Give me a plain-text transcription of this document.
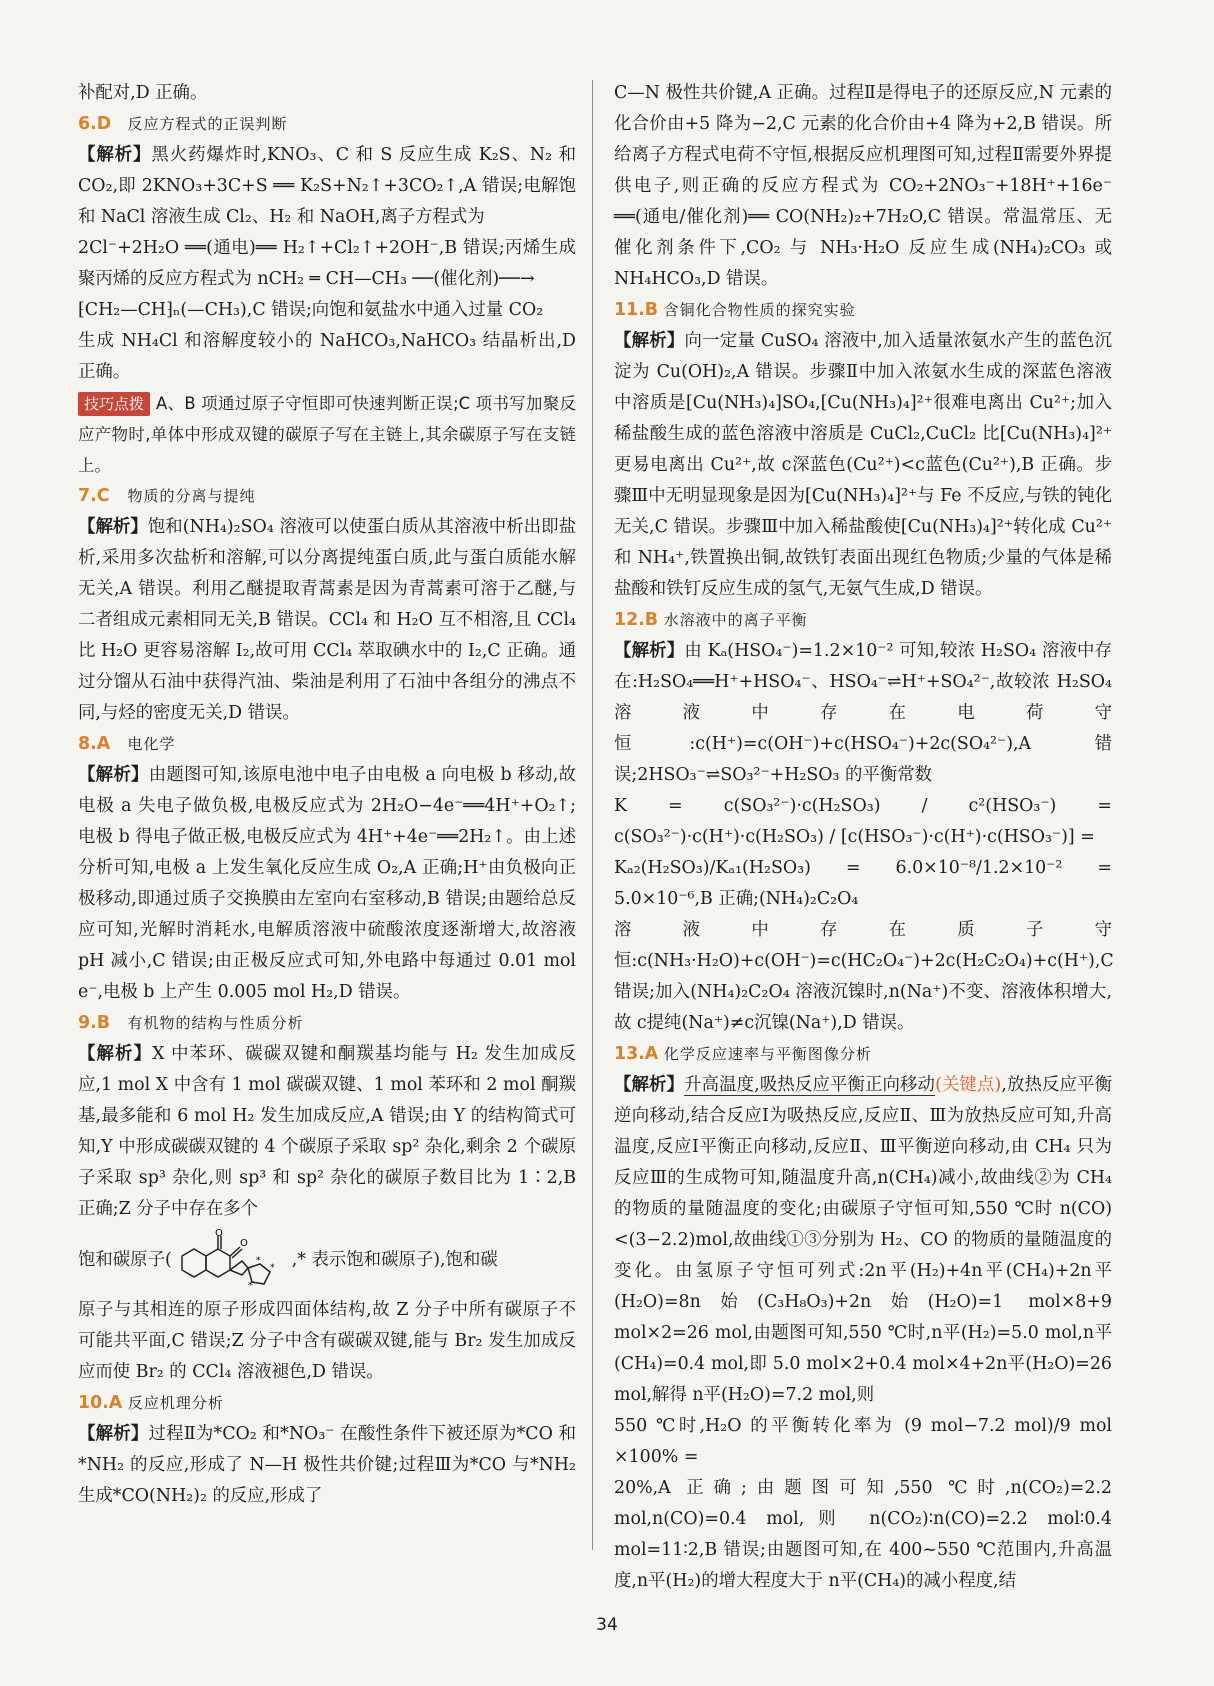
补配对,D 正确。

6.D 反应方程式的正误判断

【解析】黑火药爆炸时,KNO₃、C 和 S 反应生成 K₂S、N₂ 和 CO₂,即 2KNO₃+3C+S ══ K₂S+N₂↑+3CO₂↑,A 错误;电解饱和 NaCl 溶液生成 Cl₂、H₂ 和 NaOH,离子方程式为

2Cl⁻+2H₂O ══(通电)══ H₂↑+Cl₂↑+2OH⁻,B 错误;丙烯生成聚丙烯的反应方程式为 nCH₂ ═ CH—CH₃ ──(催化剂)──→

⁅CH₂—CH⁆ₙ(—CH₃),C 错误;向饱和氨盐水中通入过量 CO₂

生成 NH₄Cl 和溶解度较小的 NaHCO₃,NaHCO₃ 结晶析出,D 正确。

技巧点拨 A、B 项通过原子守恒即可快速判断正误;C 项书写加聚反应产物时,单体中形成双键的碳原子写在主链上,其余碳原子写在支链上。

7.C 物质的分离与提纯

【解析】饱和(NH₄)₂SO₄ 溶液可以使蛋白质从其溶液中析出即盐析,采用多次盐析和溶解,可以分离提纯蛋白质,此与蛋白质能水解无关,A 错误。利用乙醚提取青蒿素是因为青蒿素可溶于乙醚,与二者组成元素相同无关,B 错误。CCl₄ 和 H₂O 互不相溶,且 CCl₄ 比 H₂O 更容易溶解 I₂,故可用 CCl₄ 萃取碘水中的 I₂,C 正确。通过分馏从石油中获得汽油、柴油是利用了石油中各组分的沸点不同,与烃的密度无关,D 错误。

8.A 电化学

【解析】由题图可知,该原电池中电子由电极 a 向电极 b 移动,故电极 a 失电子做负极,电极反应式为 2H₂O−4e⁻══4H⁺+O₂↑;电极 b 得电子做正极,电极反应式为 4H⁺+4e⁻══2H₂↑。由上述分析可知,电极 a 上发生氧化反应生成 O₂,A 正确;H⁺由负极向正极移动,即通过质子交换膜由左室向右室移动,B 错误;由题给总反应可知,光解时消耗水,电解质溶液中硫酸浓度逐渐增大,故溶液 pH 减小,C 错误;由正极反应式可知,外电路中每通过 0.01 mol e⁻,电极 b 上产生 0.005 mol H₂,D 错误。

9.B 有机物的结构与性质分析

【解析】X 中苯环、碳碳双键和酮羰基均能与 H₂ 发生加成反应,1 mol X 中含有 1 mol 碳碳双键、1 mol 苯环和 2 mol 酮羰基,最多能和 6 mol H₂ 发生加成反应,A 错误;由 Y 的结构简式可知,Y 中形成碳碳双键的 4 个碳原子采取 sp² 杂化,剩余 2 个碳原子采取 sp³ 杂化,则 sp³ 和 sp² 杂化的碳原子数目比为 1∶2,B 正确;Z 分子中存在多个

饱和碳原子(
O
O
*
*
*
,* 表示饱和碳原子),饱和碳

原子与其相连的原子形成四面体结构,故 Z 分子中所有碳原子不可能共平面,C 错误;Z 分子中含有碳碳双键,能与 Br₂ 发生加成反应而使 Br₂ 的 CCl₄ 溶液褪色,D 错误。

10.A 反应机理分析

【解析】过程Ⅱ为*CO₂ 和*NO₃⁻ 在酸性条件下被还原为*CO 和*NH₂ 的反应,形成了 N—H 极性共价键;过程Ⅲ为*CO 与*NH₂ 生成*CO(NH₂)₂ 的反应,形成了

C—N 极性共价键,A 正确。过程Ⅱ是得电子的还原反应,N 元素的化合价由+5 降为−2,C 元素的化合价由+4 降为+2,B 错误。所给离子方程式电荷不守恒,根据反应机理图可知,过程Ⅱ需要外界提供电子,则正确的反应方程式为 CO₂+2NO₃⁻+18H⁺+16e⁻ ══(通电/催化剂)══ CO(NH₂)₂+7H₂O,C 错误。常温常压、无催化剂条件下,CO₂ 与 NH₃·H₂O 反应生成(NH₄)₂CO₃ 或 NH₄HCO₃,D 错误。

11.B 含铜化合物性质的探究实验

【解析】向一定量 CuSO₄ 溶液中,加入适量浓氨水产生的蓝色沉淀为 Cu(OH)₂,A 错误。步骤Ⅱ中加入浓氨水生成的深蓝色溶液中溶质是[Cu(NH₃)₄]SO₄,[Cu(NH₃)₄]²⁺很难电离出 Cu²⁺;加入稀盐酸生成的蓝色溶液中溶质是 CuCl₂,CuCl₂ 比[Cu(NH₃)₄]²⁺更易电离出 Cu²⁺,故 c深蓝色(Cu²⁺)<c蓝色(Cu²⁺),B 正确。步骤Ⅲ中无明显现象是因为[Cu(NH₃)₄]²⁺与 Fe 不反应,与铁的钝化无关,C 错误。步骤Ⅲ中加入稀盐酸使[Cu(NH₃)₄]²⁺转化成 Cu²⁺和 NH₄⁺,铁置换出铜,故铁钉表面出现红色物质;少量的气体是稀盐酸和铁钉反应生成的氢气,无氨气生成,D 错误。

12.B 水溶液中的离子平衡

【解析】由 Kₐ(HSO₄⁻)=1.2×10⁻² 可知,较浓 H₂SO₄ 溶液中存在:H₂SO₄══H⁺+HSO₄⁻、HSO₄⁻⇌H⁺+SO₄²⁻,故较浓 H₂SO₄ 溶液中存在电荷守恒:c(H⁺)=c(OH⁻)+c(HSO₄⁻)+2c(SO₄²⁻),A 错误;2HSO₃⁻⇌SO₃²⁻+H₂SO₃ 的平衡常数

K = c(SO₃²⁻)·c(H₂SO₃) / c²(HSO₃⁻) = c(SO₃²⁻)·c(H⁺)·c(H₂SO₃) / [c(HSO₃⁻)·c(H⁺)·c(HSO₃⁻)] =

Kₐ₂(H₂SO₃)/Kₐ₁(H₂SO₃) = 6.0×10⁻⁸/1.2×10⁻² = 5.0×10⁻⁶,B 正确;(NH₄)₂C₂O₄

溶液中存在质子守恒:c(NH₃·H₂O)+c(OH⁻)=c(HC₂O₄⁻)+2c(H₂C₂O₄)+c(H⁺),C 错误;加入(NH₄)₂C₂O₄ 溶液沉镍时,n(Na⁺)不变、溶液体积增大,故 c提纯(Na⁺)≠c沉镍(Na⁺),D 错误。

13.A 化学反应速率与平衡图像分析

【解析】升高温度,吸热反应平衡正向移动(关键点),放热反应平衡逆向移动,结合反应Ⅰ为吸热反应,反应Ⅱ、Ⅲ为放热反应可知,升高温度,反应Ⅰ平衡正向移动,反应Ⅱ、Ⅲ平衡逆向移动,由 CH₄ 只为反应Ⅲ的生成物可知,随温度升高,n(CH₄)减小,故曲线②为 CH₄ 的物质的量随温度的变化;由碳原子守恒可知,550 ℃时 n(CO)<(3−2.2)mol,故曲线①③分别为 H₂、CO 的物质的量随温度的变化。由氢原子守恒可列式:2n平(H₂)+4n平(CH₄)+2n平(H₂O)=8n始(C₃H₈O₃)+2n始(H₂O)=1 mol×8+9 mol×2=26 mol,由题图可知,550 ℃时,n平(H₂)=5.0 mol,n平(CH₄)=0.4 mol,即 5.0 mol×2+0.4 mol×4+2n平(H₂O)=26 mol,解得 n平(H₂O)=7.2 mol,则

550 ℃时,H₂O 的平衡转化率为 (9 mol−7.2 mol)/9 mol ×100% =

20%,A 正确;由题图可知,550 ℃时,n(CO₂)=2.2 mol,n(CO)=0.4 mol,则 n(CO₂)∶n(CO)=2.2 mol∶0.4 mol=11∶2,B 错误;由题图可知,在 400~550 ℃范围内,升高温度,n平(H₂)的增大程度大于 n平(CH₄)的减小程度,结

34
